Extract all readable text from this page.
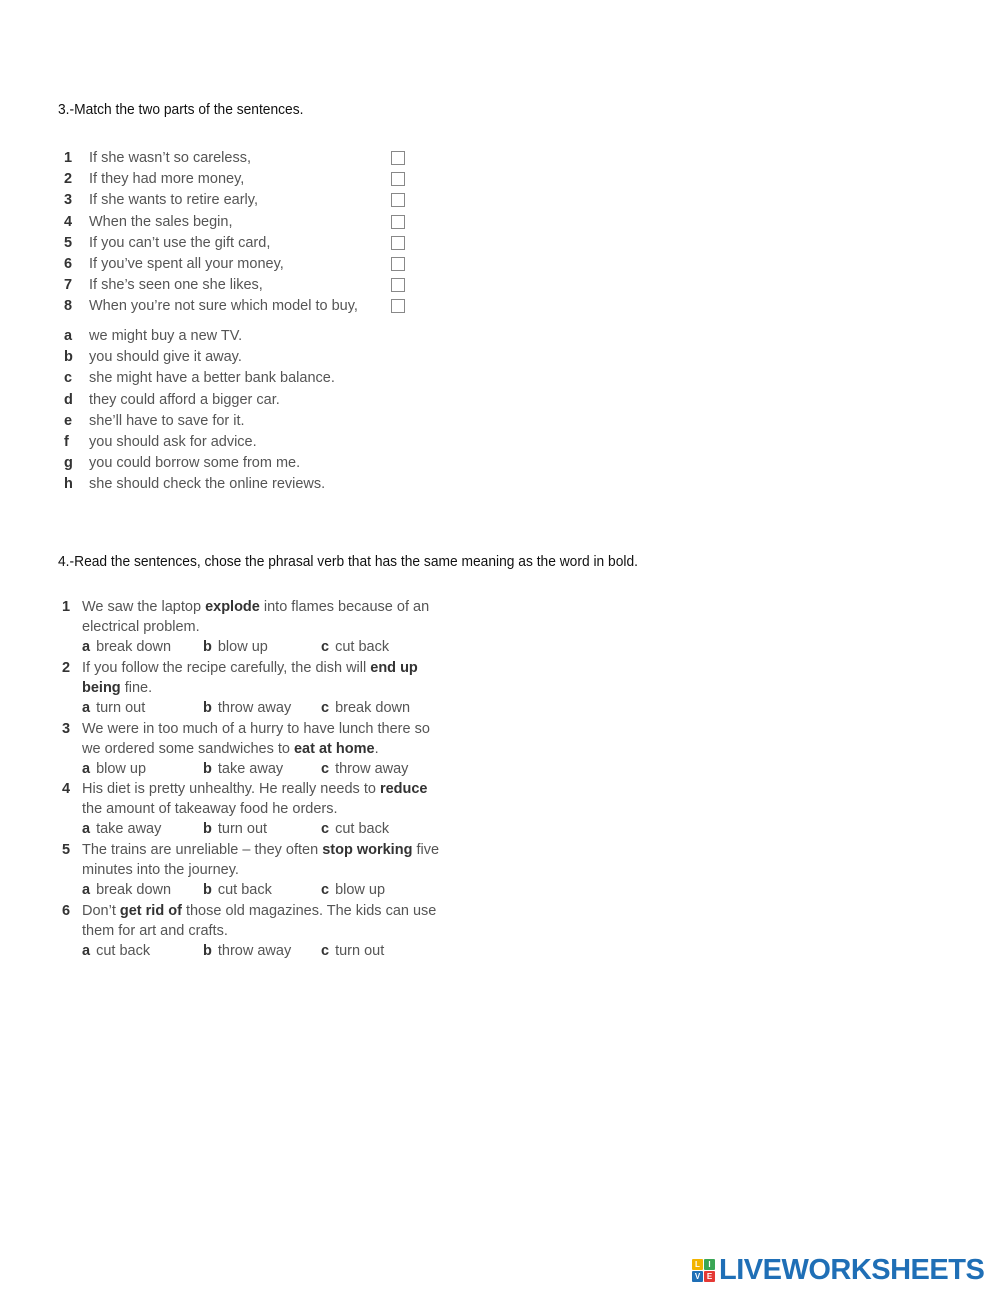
3.-Match the two parts of the sentences.
1	If she wasn’t so careless,
2	If they had more money,
3	If she wants to retire early,
4	When the sales begin,
5	If you can’t use the gift card,
6	If you’ve spent all your money,
7	If she’s seen one she likes,
8	When you’re not sure which model to buy,
a	we might buy a new TV.
b	you should give it away.
c	she might have a better bank balance.
d	they could afford a bigger car.
e	she’ll have to save for it.
f	you should ask for advice.
g	you could borrow some from me.
h	she should check the online reviews.
4.-Read the sentences, chose the phrasal verb that has the same meaning as the word in bold.
1 We saw the laptop explode into flames because of an
electrical problem.
a break down b blow up	c cut back
2 If you follow the recipe carefully, the dish will end up
being fine.
a turn out	b throw away c break down
3 We were in too much of a hurry to have lunch there so
we ordered some sandwiches to eat at home.
a blow up	b take away	c throw away
4 His diet is pretty unhealthy. He really needs to reduce
the amount of takeaway food he orders.
a take away	b turn out	c cut back
5 The trains are unreliable – they often stop working five
minutes into the journey.
a break down b cut back	c blow up
6 Don’t get rid of those old magazines. The kids can use
them for art and crafts.
a cut back	b throw away c turn out
L	I
V E LIVEWORKSHEETS
